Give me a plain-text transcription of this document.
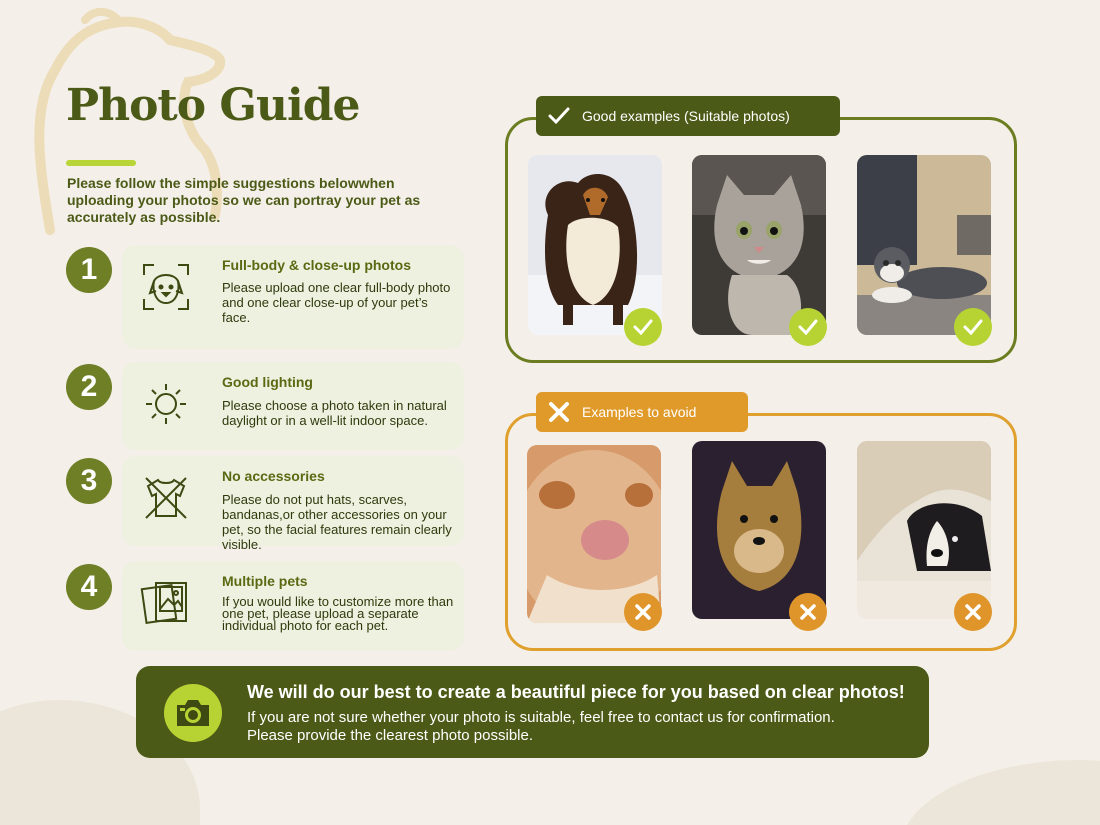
Photo Guide
Please follow the simple suggestions belowwhen uploading your photos so we can portray your pet as accurately as possible.
1	Full-body & close-up photos
Please upload one clear full-body photo and one clear close-up of your pet’s face.
2	Good lighting
Please choose a photo taken in natural daylight or in a well-lit indoor space.
3	No accessories
Please do not put hats, scarves, bandanas,or other accessories on your pet, so the facial features remain clearly visible.
4	Multiple pets
If you would like to customize more than one pet, please upload a separate individual photo for each pet.
Good examples (Suitable photos)
Examples to avoid
We will do our best to create a beautiful piece for you based on clear photos!
If you are not sure whether your photo is suitable, feel free to contact us for confirmation.
Please provide the clearest photo possible.
